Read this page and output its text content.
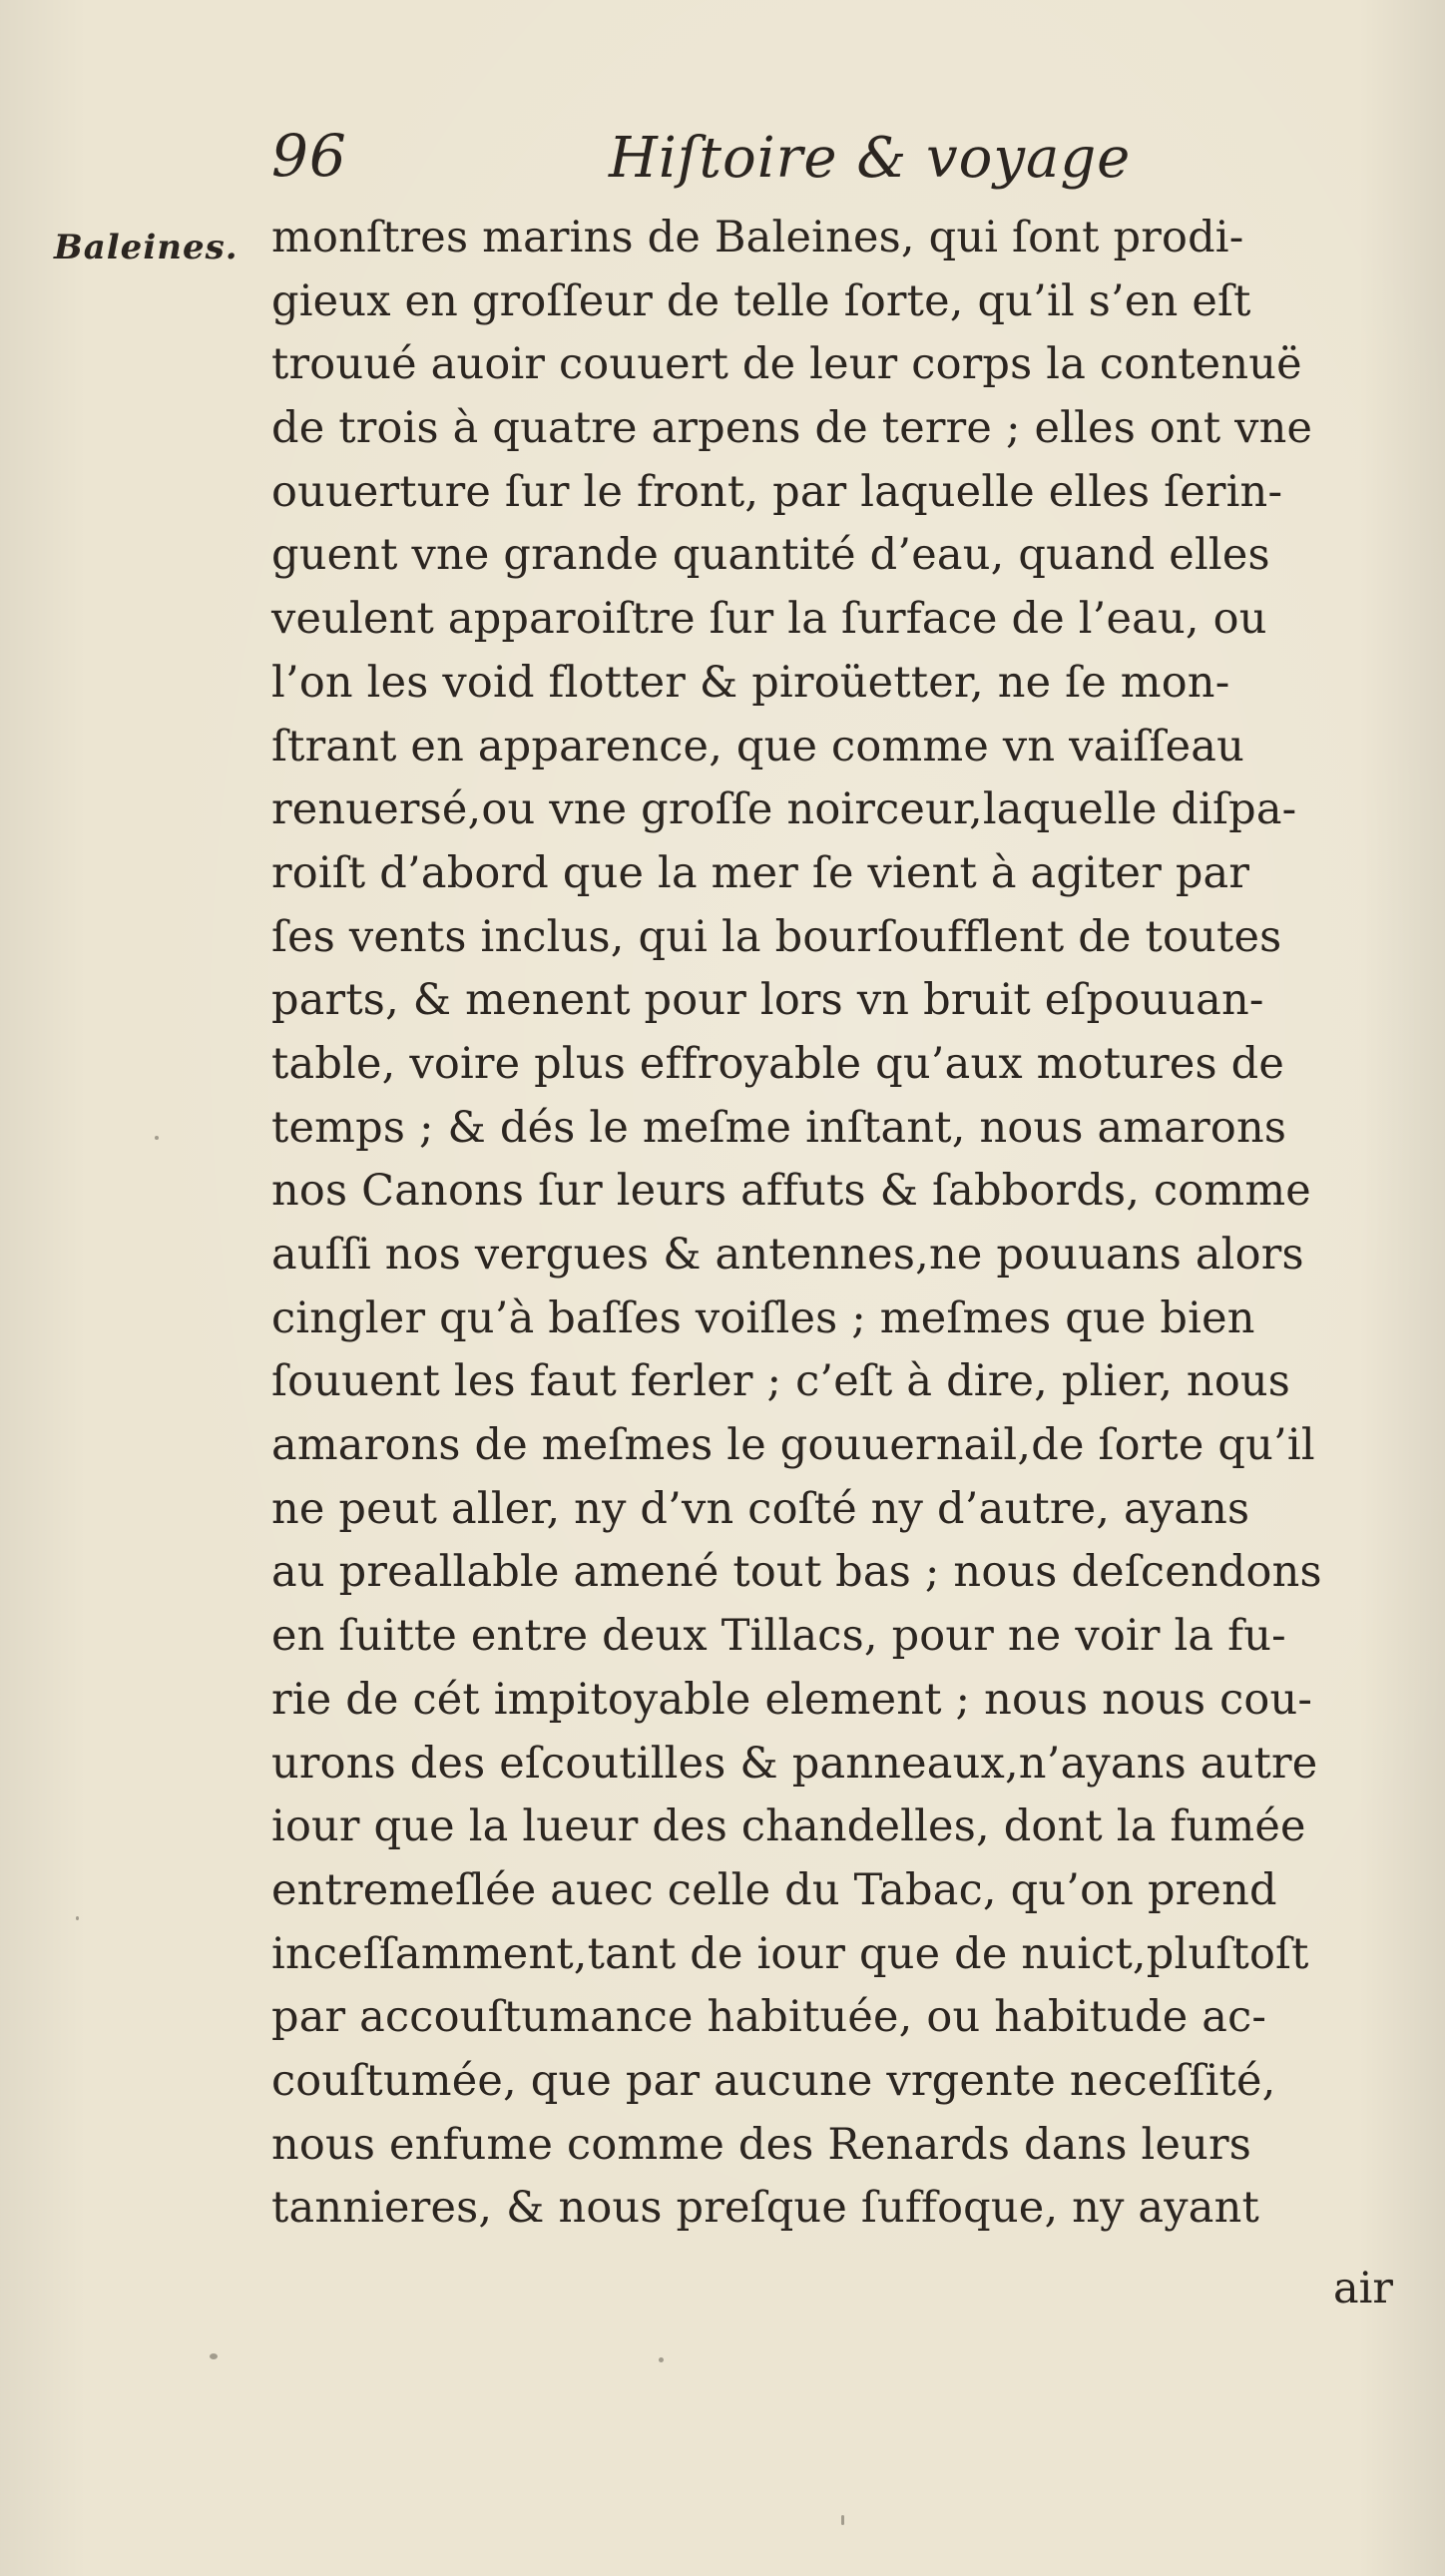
96	Hiſtoire & voyage
Baleines. monſtres marins de Baleines, qui ſont prodi-
gieux en groſſeur de telle ſorte, qu’il s’en eſt
trouué auoir couuert de leur corps la contenuë
de trois à quatre arpens de terre ; elles ont vne
ouuerture ſur le front, par laquelle elles ſerin-
guent vne grande quantité d’eau, quand elles
veulent apparoiſtre ſur la ſurface de l’eau, ou
l’on les void flotter & piroüetter, ne ſe mon-
ſtrant en apparence, que comme vn vaiſſeau
renuersé,ou vne groſſe noirceur,laquelle diſpa-
roiſt d’abord que la mer ſe vient à agiter par
ſes vents inclus, qui la bourſoufflent de toutes
parts, & menent pour lors vn bruit eſpouuan-
table, voire plus effroyable qu’aux motures de
temps ; & dés le meſme inſtant, nous amarons
nos Canons ſur leurs affuts & ſabbords, comme
auſſi nos vergues & antennes,ne pouuans alors
cingler qu’à baſſes voiſles ; meſmes que bien
ſouuent les faut ferler ; c’eſt à dire, plier, nous
amarons de meſmes le gouuernail,de ſorte qu’il
ne peut aller, ny d’vn coſté ny d’autre, ayans
au preallable amené tout bas ; nous deſcendons
en ſuitte entre deux Tillacs, pour ne voir la fu-
rie de cét impitoyable element ; nous nous cou-
urons des eſcoutilles & panneaux,n’ayans autre
iour que la lueur des chandelles, dont la fumée
entremeſlée auec celle du Tabac, qu’on prend
inceſſamment,tant de iour que de nuict,pluſtoſt
par accouſtumance habituée, ou habitude ac-
couſtumée, que par aucune vrgente neceſſité,
nous enfume comme des Renards dans leurs
tannieres, & nous preſque ſuffoque, ny ayant
air
